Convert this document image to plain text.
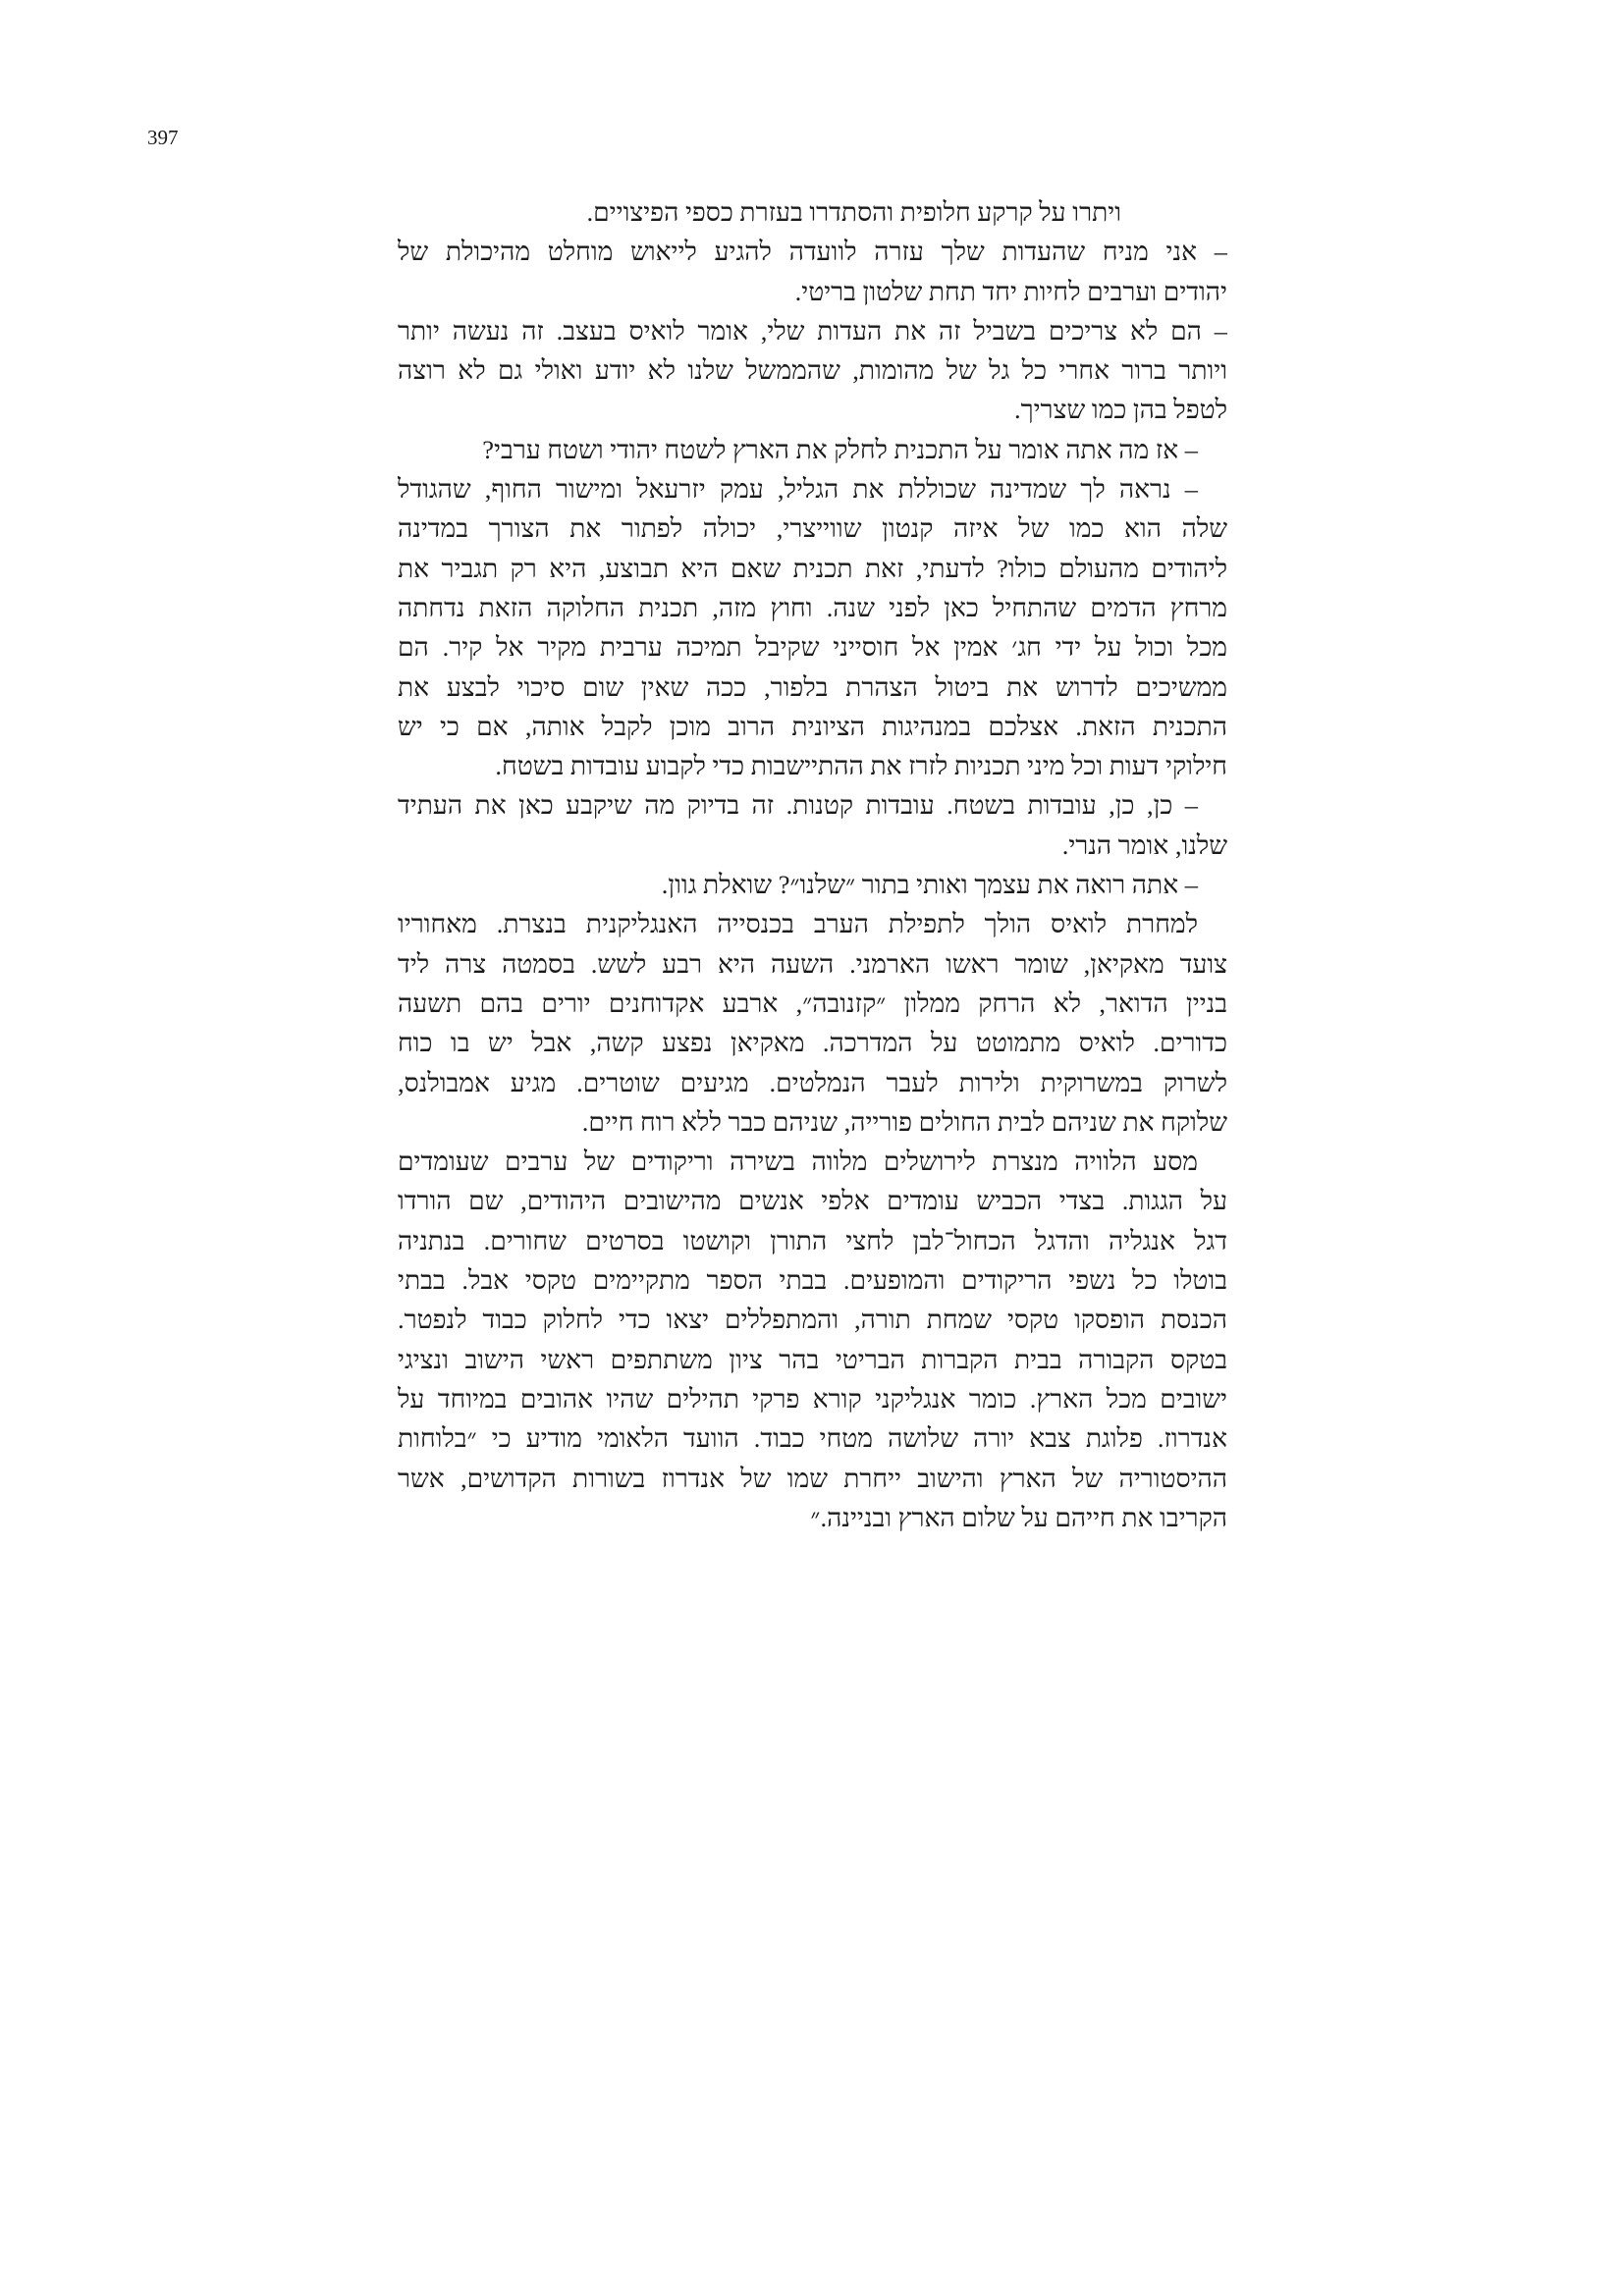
397
ויתרו על קרקע חלופית והסתדרו בעזרת כספי הפיצויים.
– אני מניח שהעדות שלך עזרה לוועדה להגיע לייאוש מוחלט מהיכולת של
יהודים וערבים לחיות יחד תחת שלטון בריטי.
– הם לא צריכים בשביל זה את העדות שלי, אומר לואיס בעצב. זה נעשה יותר
ויותר ברור אחרי כל גל של מהומות, שהממשל שלנו לא יודע ואולי גם לא רוצה
לטפל בהן כמו שצריך.
– אז מה אתה אומר על התכנית לחלק את הארץ לשטח יהודי ושטח ערבי?
– נראה לך שמדינה שכוללת את הגליל, עמק יזרעאל ומישור החוף, שהגודל
שלה הוא כמו של איזה קנטון שווייצרי, יכולה לפתור את הצורך במדינה
ליהודים מהעולם כולו? לדעתי, זאת תכנית שאם היא תבוצע, היא רק תגביר את
מרחץ הדמים שהתחיל כאן לפני שנה. וחוץ מזה, תכנית החלוקה הזאת נדחתה
מכל וכול על ידי חג׳ אמין אל חוסייני שקיבל תמיכה ערבית מקיר אל קיר. הם
ממשיכים לדרוש את ביטול הצהרת בלפור, ככה שאין שום סיכוי לבצע את
התכנית הזאת. אצלכם במנהיגות הציונית הרוב מוכן לקבל אותה, אם כי יש
חילוקי דעות וכל מיני תכניות לזרז את ההתיישבות כדי לקבוע עובדות בשטח.
– כן, כן, עובדות בשטח. עובדות קטנות. זה בדיוק מה שיקבע כאן את העתיד
שלנו, אומר הנרי.
– אתה רואה את עצמך ואותי בתור ״שלנו״? שואלת גוון.
למחרת לואיס הולך לתפילת הערב בכנסייה האנגליקנית בנצרת. מאחוריו
צועד מאקיאן, שומר ראשו הארמני. השעה היא רבע לשש. בסמטה צרה ליד
בניין הדואר, לא הרחק ממלון ״קזנובה״, ארבע אקדוחנים יורים בהם תשעה
כדורים. לואיס מתמוטט על המדרכה. מאקיאן נפצע קשה, אבל יש בו כוח
לשרוק במשרוקית ולירות לעבר הנמלטים. מגיעים שוטרים. מגיע אמבולנס,
שלוקח את שניהם לבית החולים פורייה, שניהם כבר ללא רוח חיים.
מסע הלוויה מנצרת לירושלים מלווה בשירה וריקודים של ערבים שעומדים
על הגגות. בצדי הכביש עומדים אלפי אנשים מהישובים היהודים, שם הורדו
דגל אנגליה והדגל הכחול־לבן לחצי התורן וקושטו בסרטים שחורים. בנתניה
בוטלו כל נשפי הריקודים והמופעים. בבתי הספר מתקיימים טקסי אבל. בבתי
הכנסת הופסקו טקסי שמחת תורה, והמתפללים יצאו כדי לחלוק כבוד לנפטר.
בטקס הקבורה בבית הקברות הבריטי בהר ציון משתתפים ראשי הישוב ונציגי
ישובים מכל הארץ. כומר אנגליקני קורא פרקי תהילים שהיו אהובים במיוחד על
אנדרוז. פלוגת צבא יורה שלושה מטחי כבוד. הוועד הלאומי מודיע כי ״בלוחות
ההיסטוריה של הארץ והישוב ייחרת שמו של אנדרוז בשורות הקדושים, אשר
הקריבו את חייהם על שלום הארץ ובניינה.״
